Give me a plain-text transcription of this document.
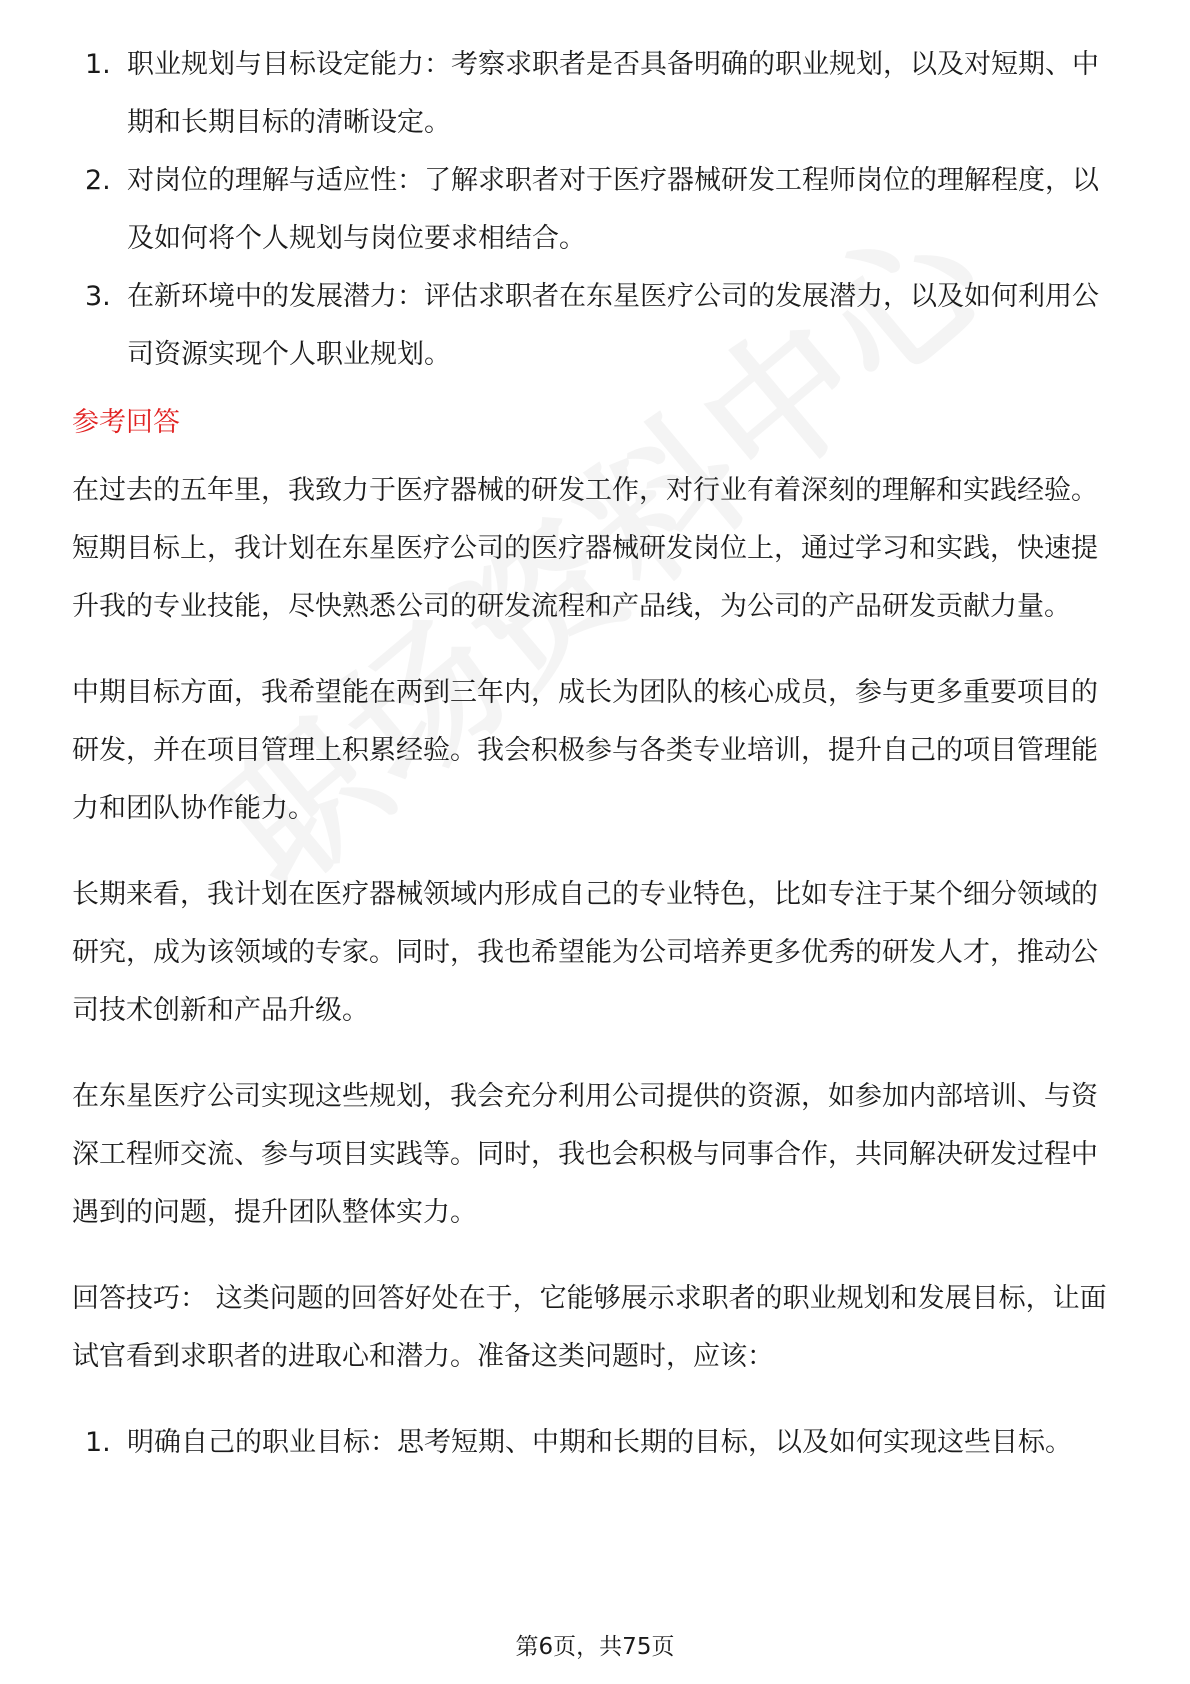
1. 职业规划与目标设定能力：考察求职者是否具备明确的职业规划，以及对短期、中期和长期目标的清晰设定。
2. 对岗位的理解与适应性：了解求职者对于医疗器械研发工程师岗位的理解程度，以及如何将个人规划与岗位要求相结合。
3. 在新环境中的发展潜力：评估求职者在东星医疗公司的发展潜力，以及如何利用公司资源实现个人职业规划。
参考回答

在过去的五年里，我致力于医疗器械的研发工作，对行业有着深刻的理解和实践经验。短期目标上，我计划在东星医疗公司的医疗器械研发岗位上，通过学习和实践，快速提升我的专业技能，尽快熟悉公司的研发流程和产品线，为公司的产品研发贡献力量。

中期目标方面，我希望能在两到三年内，成长为团队的核心成员，参与更多重要项目的研发，并在项目管理上积累经验。我会积极参与各类专业培训，提升自己的项目管理能力和团队协作能力。

长期来看，我计划在医疗器械领域内形成自己的专业特色，比如专注于某个细分领域的研究，成为该领域的专家。同时，我也希望能为公司培养更多优秀的研发人才，推动公司技术创新和产品升级。

在东星医疗公司实现这些规划，我会充分利用公司提供的资源，如参加内部培训、与资深工程师交流、参与项目实践等。同时，我也会积极与同事合作，共同解决研发过程中遇到的问题，提升团队整体实力。

回答技巧： 这类问题的回答好处在于，它能够展示求职者的职业规划和发展目标，让面试官看到求职者的进取心和潜力。准备这类问题时，应该：

1. 明确自己的职业目标：思考短期、中期和长期的目标，以及如何实现这些目标。
第6页，共75页
